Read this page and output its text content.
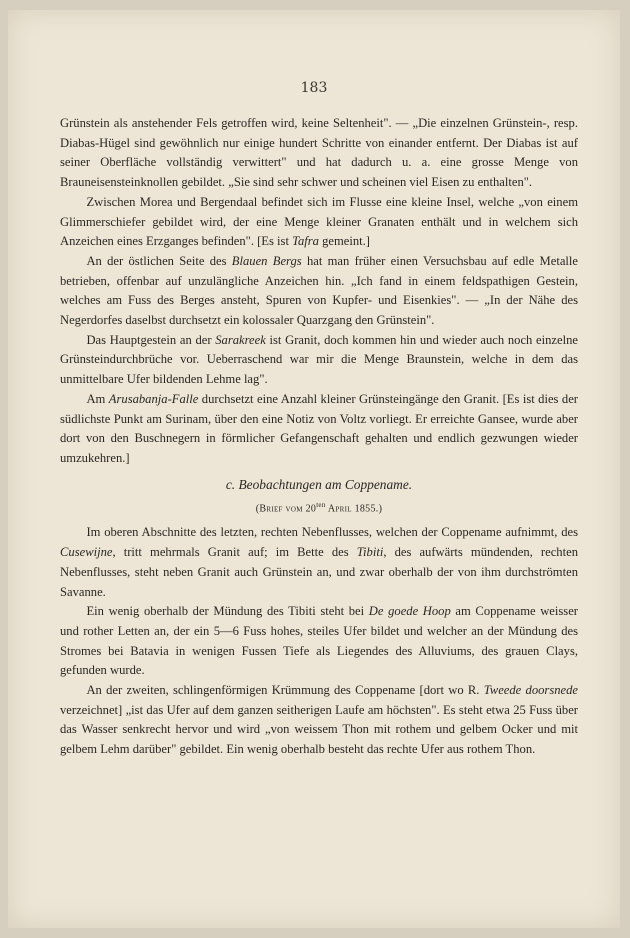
183

Grünstein als anstehender Fels getroffen wird, keine Seltenheit". — „Die einzelnen Grünstein-, resp. Diabas-Hügel sind gewöhnlich nur einige hundert Schritte von einander entfernt. Der Diabas ist auf seiner Oberfläche vollständig verwittert" und hat dadurch u. a. eine grosse Menge von Brauneisensteinknollen gebildet. „Sie sind sehr schwer und scheinen viel Eisen zu enthalten".

Zwischen Morea und Bergendaal befindet sich im Flusse eine kleine Insel, welche „von einem Glimmerschiefer gebildet wird, der eine Menge kleiner Granaten enthält und in welchem sich Anzeichen eines Erzganges befinden". [Es ist Tafra gemeint.]

An der östlichen Seite des Blauen Bergs hat man früher einen Versuchsbau auf edle Metalle betrieben, offenbar auf unzulängliche Anzeichen hin. „Ich fand in einem feldspathigen Gestein, welches am Fuss des Berges ansteht, Spuren von Kupfer- und Eisenkies". — „In der Nähe des Negerdorfes daselbst durchsetzt ein kolossaler Quarzgang den Grünstein".

Das Hauptgestein an der Sarakreek ist Granit, doch kommen hin und wieder auch noch einzelne Grünsteindurchbrüche vor. Ueberraschend war mir die Menge Braunstein, welche in dem das unmittelbare Ufer bildenden Lehme lag".

Am Arusabanja-Falle durchsetzt eine Anzahl kleiner Grünsteingänge den Granit. [Es ist dies der südlichste Punkt am Surinam, über den eine Notiz von Voltz vorliegt. Er erreichte Gansee, wurde aber dort von den Buschnegern in förmlicher Gefangenschaft gehalten und endlich gezwungen wieder umzukehren.]

c. Beobachtungen am Coppename.
(Brief vom $20^{ten}$ April 1855.)

Im oberen Abschnitte des letzten, rechten Nebenflusses, welchen der Coppename aufnimmt, des Cusewijne, tritt mehrmals Granit auf; im Bette des Tibiti, des aufwärts mündenden, rechten Nebenflusses, steht neben Granit auch Grünstein an, und zwar oberhalb der von ihm durchströmten Savanne.

Ein wenig oberhalb der Mündung des Tibiti steht bei De goede Hoop am Coppename weisser und rother Letten an, der ein 5—6 Fuss hohes, steiles Ufer bildet und welcher an der Mündung des Stromes bei Batavia in wenigen Fussen Tiefe als Liegendes des Alluviums, des grauen Clays, gefunden wurde.

An der zweiten, schlingenförmigen Krümmung des Coppename [dort wo R. Tweede doorsnede verzeichnet] „ist das Ufer auf dem ganzen seitherigen Laufe am höchsten". Es steht etwa 25 Fuss über das Wasser senkrecht hervor und wird „von weissem Thon mit rothem und gelbem Ocker und mit gelbem Lehm darüber" gebildet. Ein wenig oberhalb besteht das rechte Ufer aus rothem Thon.
